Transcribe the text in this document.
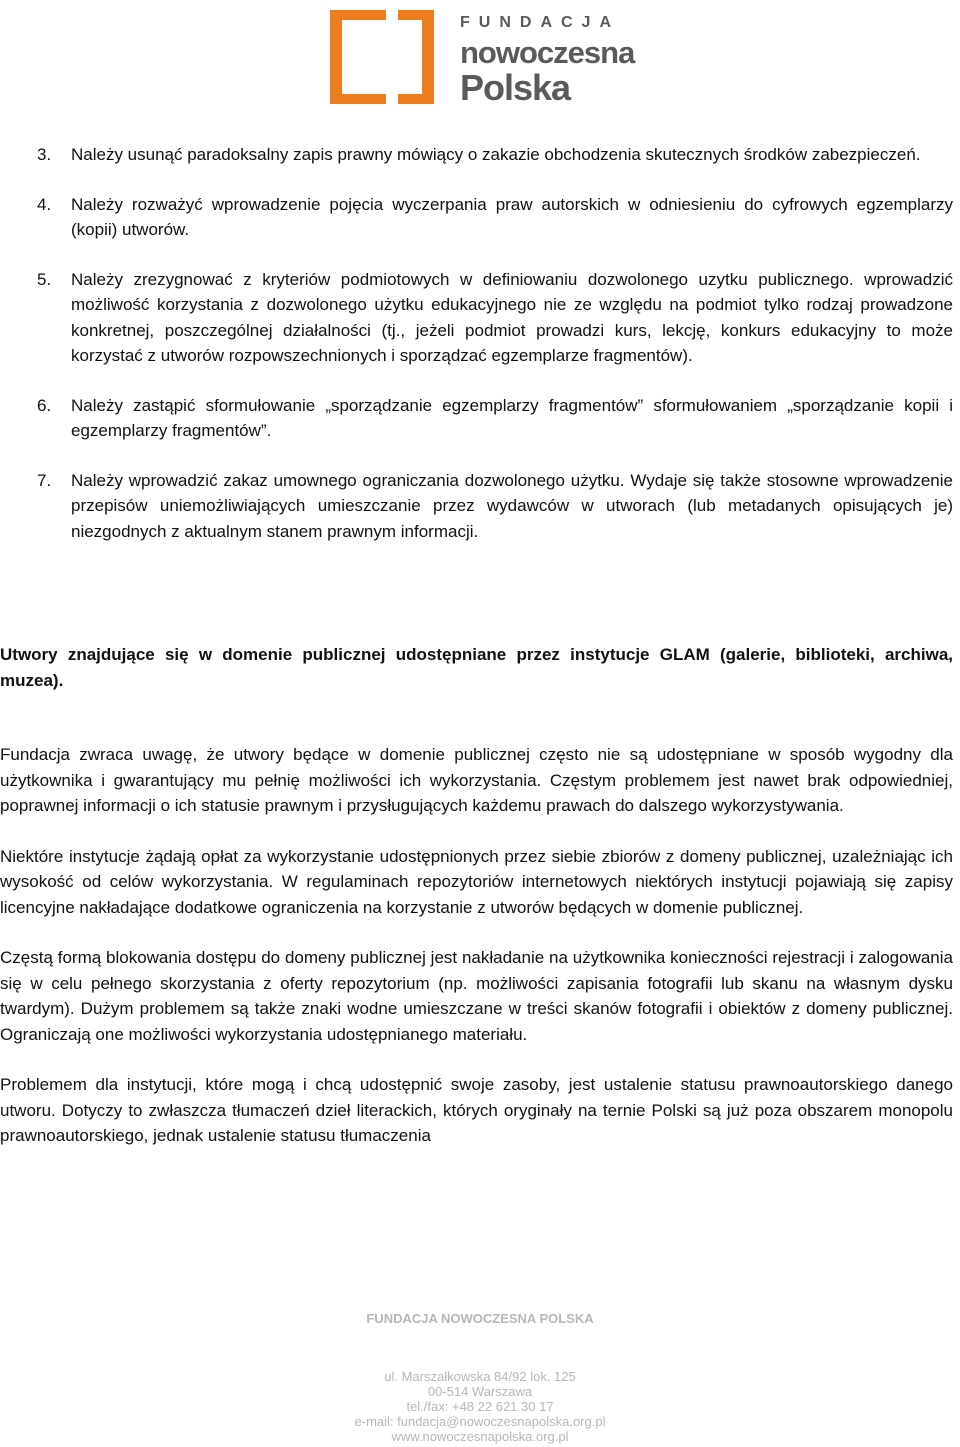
FUNDACJA
nowoczesna
Polska
3. Należy usunąć paradoksalny zapis prawny mówiący o zakazie obchodzenia skutecznych środków zabezpieczeń.
4. Należy rozważyć wprowadzenie pojęcia wyczerpania praw autorskich w odniesieniu do cyfrowych egzemplarzy (kopii) utworów.
5. Należy zrezygnować z kryteriów podmiotowych w definiowaniu dozwolonego uzytku publicznego. wprowadzić możliwość korzystania z dozwolonego użytku edukacyjnego nie ze względu na podmiot tylko rodzaj prowadzone konkretnej, poszczególnej działalności (tj., jeżeli podmiot prowadzi kurs, lekcję, konkurs edukacyjny to może korzystać z utworów rozpowszechnionych i sporządzać egzemplarze fragmentów).
6. Należy zastąpić sformułowanie „sporządzanie egzemplarzy fragmentów” sformułowaniem „sporządzanie kopii i egzemplarzy fragmentów”.
7. Należy wprowadzić zakaz umownego ograniczania dozwolonego użytku. Wydaje się także stosowne wprowadzenie przepisów uniemożliwiających umieszczanie przez wydawców w utworach (lub metadanych opisujących je) niezgodnych z aktualnym stanem prawnym informacji.

Utwory znajdujące się w domenie publicznej udostępniane przez instytucje GLAM (galerie, biblioteki, archiwa, muzea).

Fundacja zwraca uwagę, że utwory będące w domenie publicznej często nie są udostępniane w sposób wygodny dla użytkownika i gwarantujący mu pełnię możliwości ich wykorzystania. Częstym problemem jest nawet brak odpowiedniej, poprawnej informacji o ich statusie prawnym i przysługujących każdemu prawach do dalszego wykorzystywania.

Niektóre instytucje żądają opłat za wykorzystanie udostępnionych przez siebie zbiorów z domeny publicznej, uzależniając ich wysokość od celów wykorzystania. W regulaminach repozytoriów internetowych niektórych instytucji pojawiają się zapisy licencyjne nakładające dodatkowe ograniczenia na korzystanie z utworów będących w domenie publicznej.

Częstą formą blokowania dostępu do domeny publicznej jest nakładanie na użytkownika konieczności rejestracji i zalogowania się w celu pełnego skorzystania z oferty repozytorium (np. możliwości zapisania fotografii lub skanu na własnym dysku twardym). Dużym problemem są także znaki wodne umieszczane w treści skanów fotografii i obiektów z domeny publicznej. Ograniczają one możliwości wykorzystania udostępnianego materiału.

Problemem dla instytucji, które mogą i chcą udostępnić swoje zasoby, jest ustalenie statusu prawnoautorskiego danego utworu. Dotyczy to zwłaszcza tłumaczeń dzieł literackich, których oryginały na ternie Polski są już poza obszarem monopolu prawnoautorskiego, jednak ustalenie statusu tłumaczenia

FUNDACJA NOWOCZESNA POLSKA
ul. Marszałkowska 84/92 lok. 125
00-514 Warszawa
tel./fax: +48 22 621 30 17
e-mail: fundacja@nowoczesnapolska.org.pl
www.nowoczesnapolska.org.pl
